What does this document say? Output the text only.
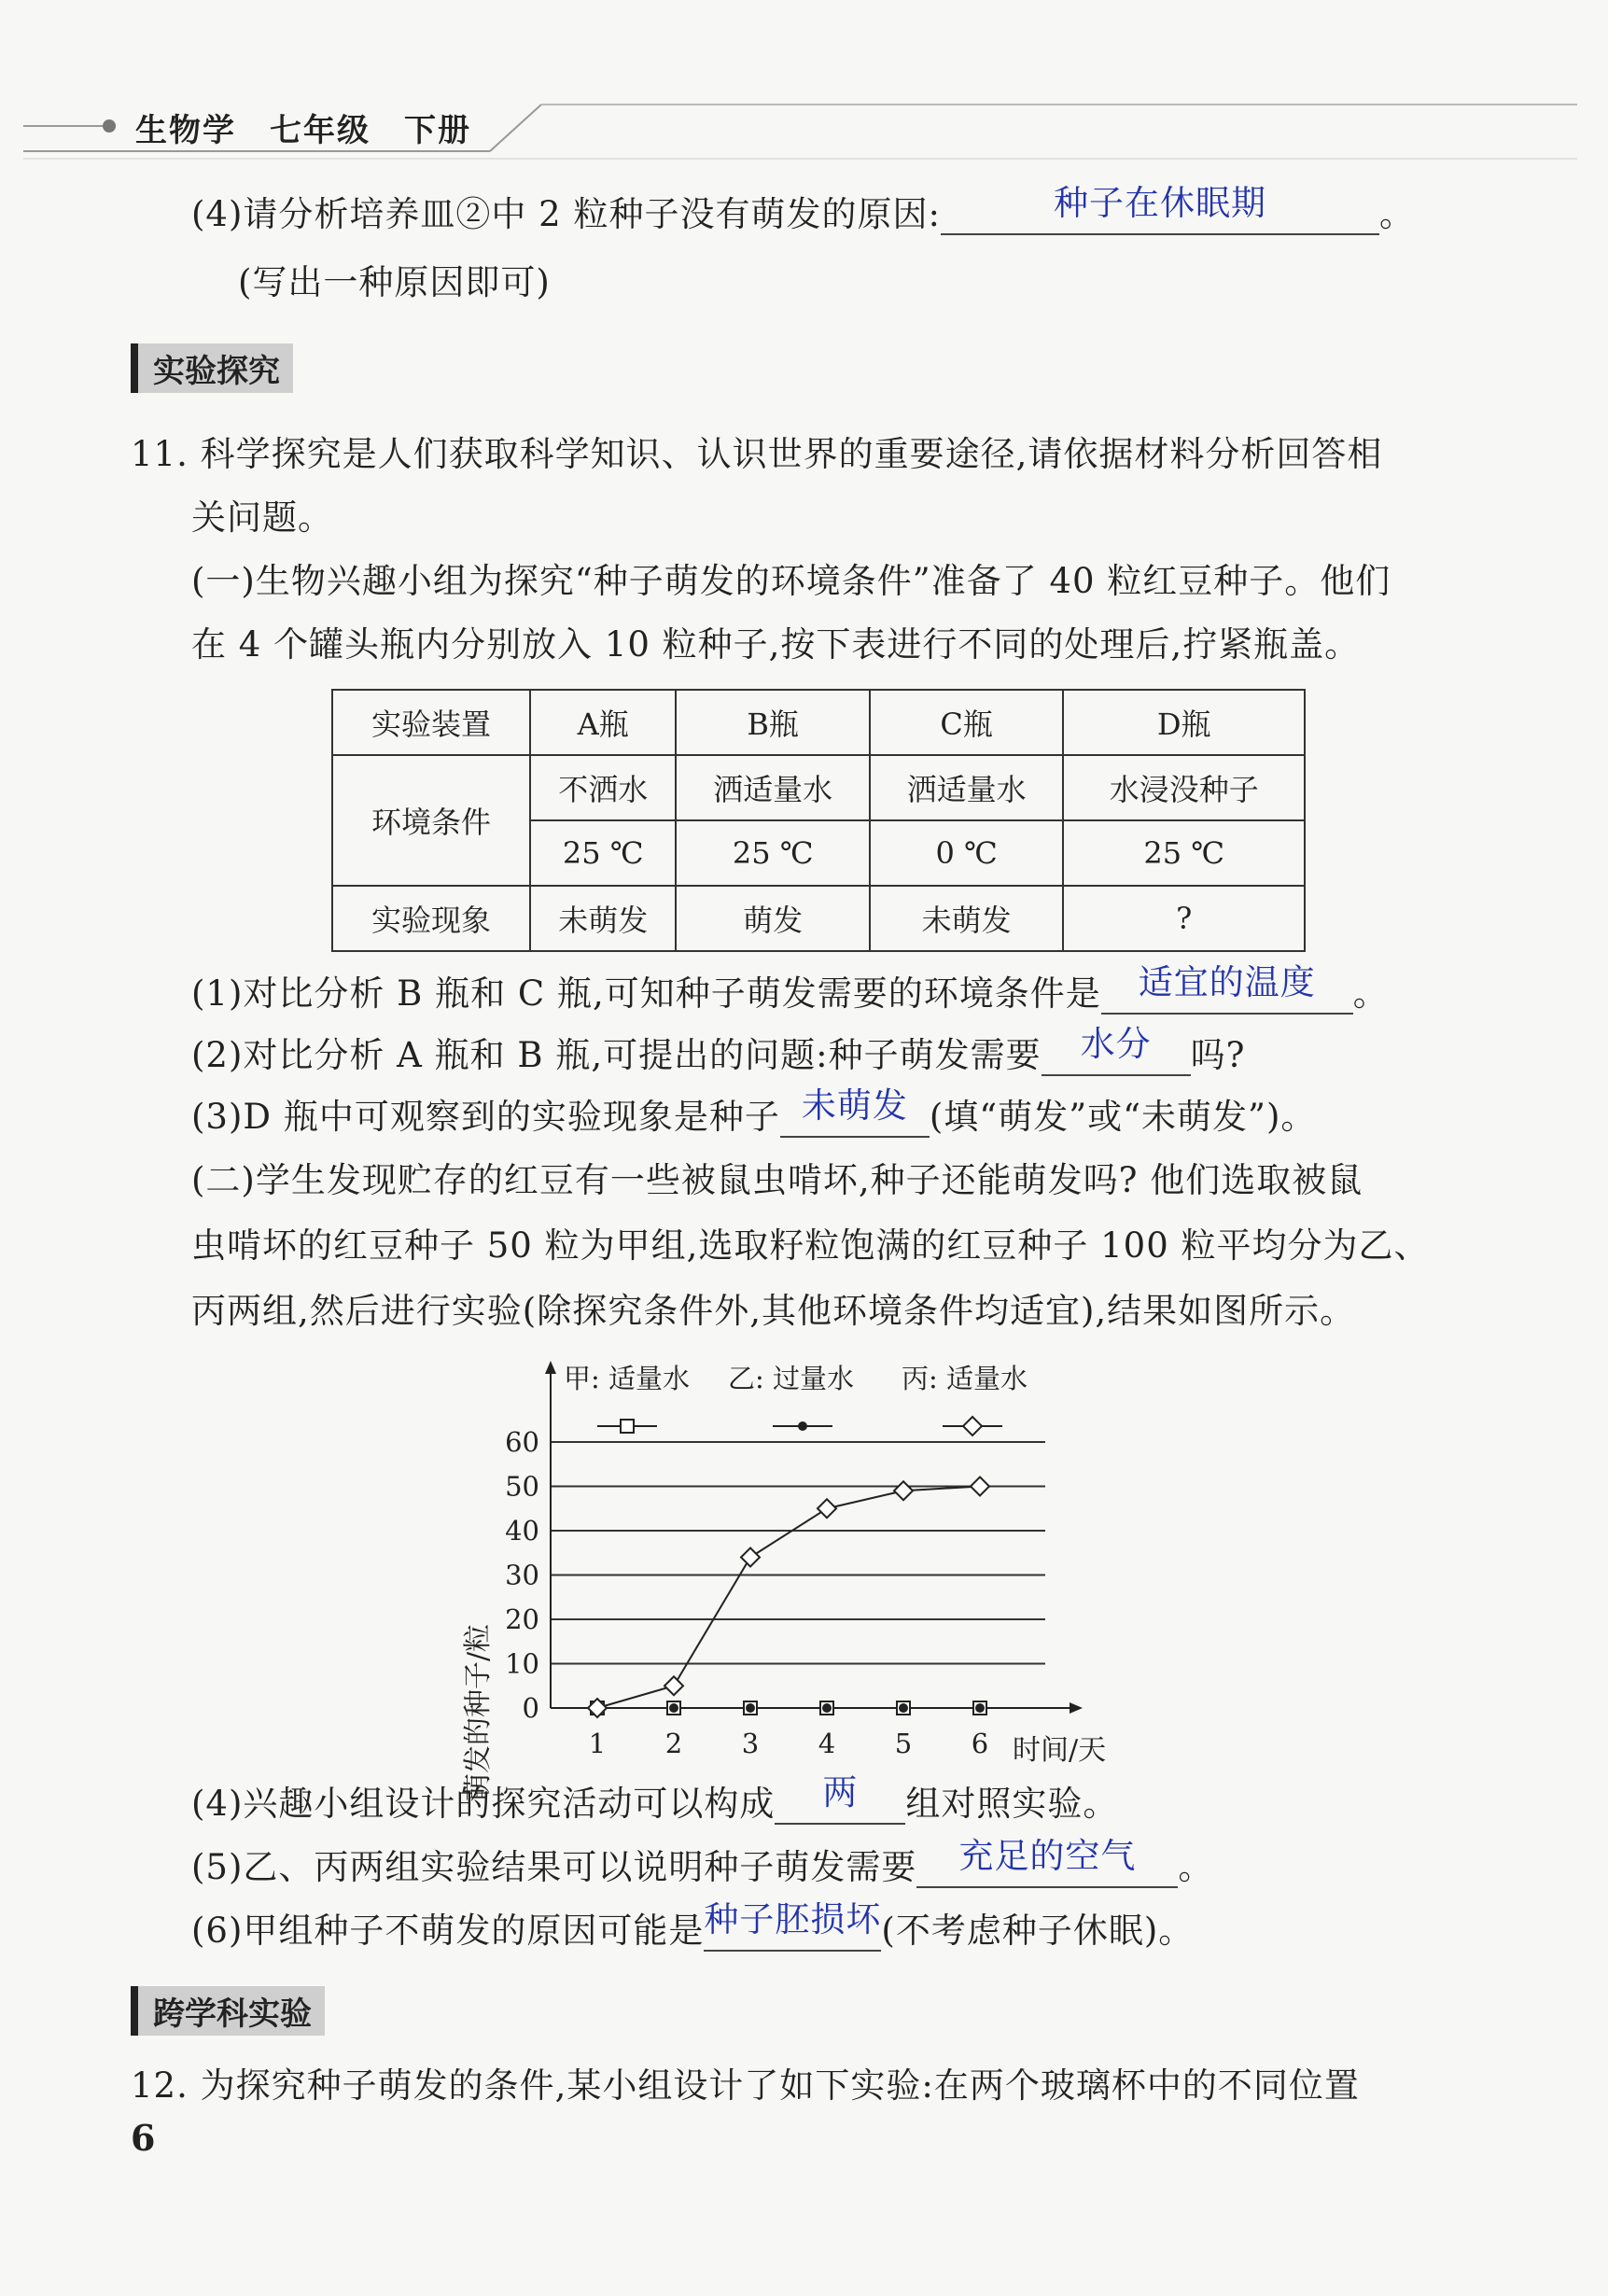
生物学　七年级　下册
(4)请分析培养皿②中 2 粒种子没有萌发的原因:	种子在休眠期	。
(写出一种原因即可)
实验探究
11. 科学探究是人们获取科学知识、认识世界的重要途径,请依据材料分析回答相
关问题。
(一)生物兴趣小组为探究“种子萌发的环境条件”准备了 40 粒红豆种子。他们
在 4 个罐头瓶内分别放入 10 粒种子,按下表进行不同的处理后,拧紧瓶盖。
实验装置	A瓶	B瓶	C瓶	D瓶
环境条件	不洒水	洒适量水	洒适量水	水浸没种子
	25 ℃	25 ℃	0 ℃	25 ℃
实验现象	未萌发	萌发	未萌发	?
(1)对比分析 B 瓶和 C 瓶,可知种子萌发需要的环境条件是 适宜的温度 。
(2)对比分析 A 瓶和 B 瓶,可提出的问题:种子萌发需要 水分 吗?
(3)D 瓶中可观察到的实验现象是种子 未萌发 (填“萌发”或“未萌发”)。
(二)学生发现贮存的红豆有一些被鼠虫啃坏,种子还能萌发吗? 他们选取被鼠
虫啃坏的红豆种子 50 粒为甲组,选取籽粒饱满的红豆种子 100 粒平均分为乙、
丙两组,然后进行实验(除探究条件外,其他环境条件均适宜),结果如图所示。
0
10
20
30
40
50
60
1 2 3 4 5 6
甲: 适量水 乙: 过量水 丙: 适量水
萌发的种子/粒	时间/天
(4)兴趣小组设计的探究活动可以构成 两 组对照实验。
(5)乙、丙两组实验结果可以说明种子萌发需要 充足的空气 。
(6)甲组种子不萌发的原因可能是种子胚损坏(不考虑种子休眠)。
跨学科实验
12. 为探究种子萌发的条件,某小组设计了如下实验:在两个玻璃杯中的不同位置
6
